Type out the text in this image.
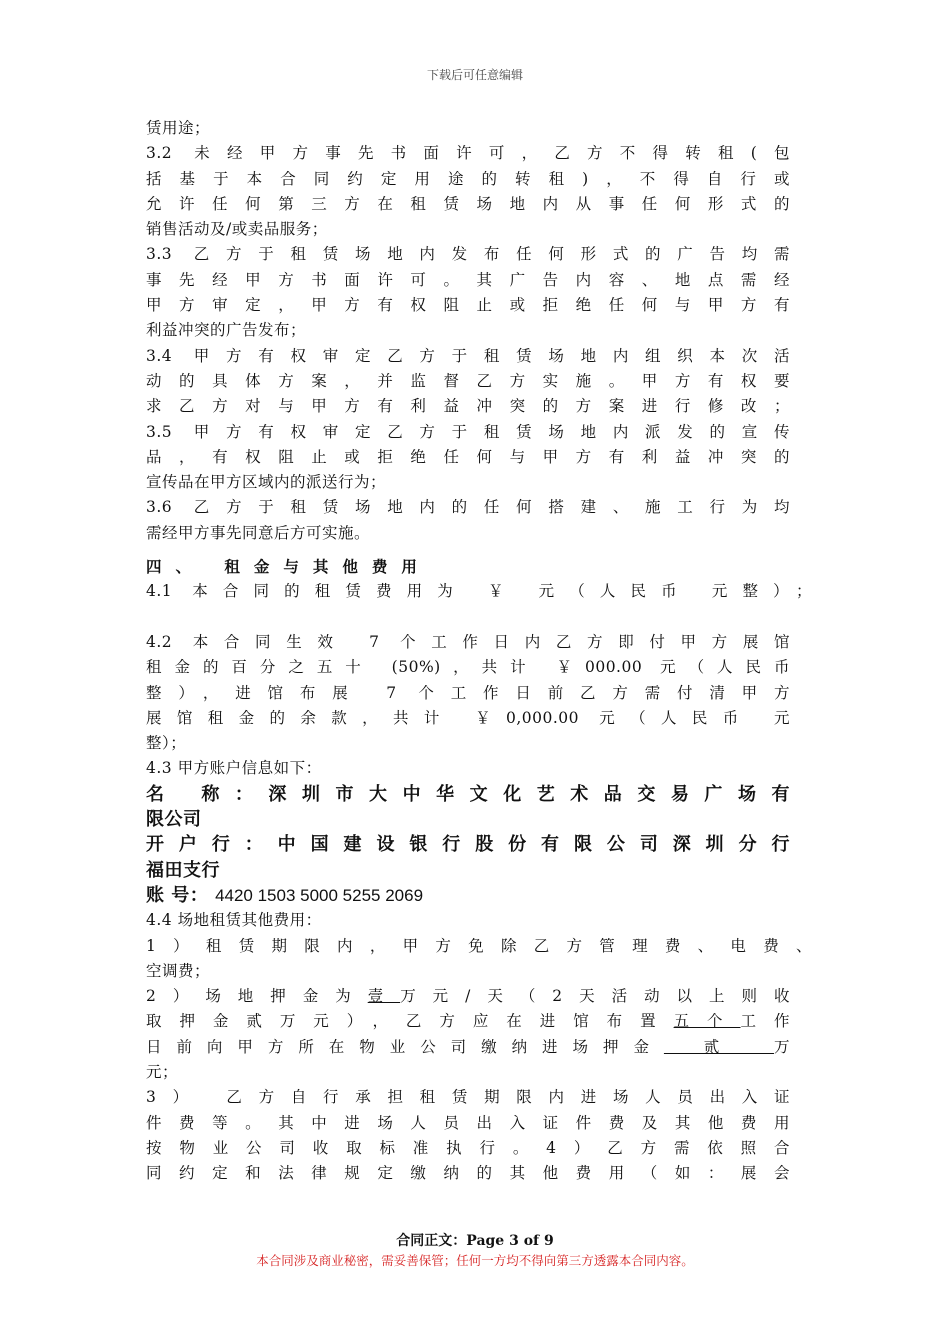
下载后可任意编辑
赁用途；
3.2 未经甲方事先书面许可，乙方不得转租(包
括基于本合同约定用途的转租)，不得自行或
允许任何第三方在租赁场地内从事任何形式的
销售活动及/或卖品服务；
3.3 乙方于租赁场地内发布任何形式的广告均需
事先经甲方书面许可。其广告内容、地点需经
甲方审定，甲方有权阻止或拒绝任何与甲方有
利益冲突的广告发布；
3.4 甲方有权审定乙方于租赁场地内组织本次活
动的具体方案，并监督乙方实施。甲方有权要
求乙方对与甲方有利益冲突的方案进行修改；
3.5 甲方有权审定乙方于租赁场地内派发的宣传
品，有权阻止或拒绝任何与甲方有利益冲突的
宣传品在甲方区域内的派送行为；
3.6 乙方于租赁场地内的任何搭建、施工行为均
需经甲方事先同意后方可实施。
四、 租金与其他费用
4.1 本合同的租赁费用为 ￥ 元（人民币 元整）；
4.2 本合同生效 7 个工作日内乙方即付甲方展馆
租金的百分之五十 (50%)，共计 ￥000.00 元（人民币
整），进馆布展 7 个工作日前乙方需付清甲方
展馆租金的余款，共计 ￥0,000.00 元（人民币 元
整）；
4.3 甲方账户信息如下：
名 称：深圳市大中华文化艺术品交易广场有
限公司
开户行：中国建设银行股份有限公司深圳分行
福田支行
账 号： 4420 1503 5000 5255 2069
4.4 场地租赁其他费用：
1）租赁期限内，甲方免除乙方管理费、电费、
空调费；
2）场地押金为壹万元/天（2天活动以上则收
取押金贰万元），乙方应在进馆布置五个工作
日前向甲方所在物业公司缴纳进场押金  贰  万
元；
3） 乙方自行承担租赁期限内进场人员出入证
件费等。其中进场人员出入证件费及其他费用
按物业公司收取标准执行。4）乙方需依照合
同约定和法律规定缴纳的其他费用（如：展会
合同正文：Page 3 of 9
本合同涉及商业秘密，需妥善保管；任何一方均不得向第三方透露本合同内容。
